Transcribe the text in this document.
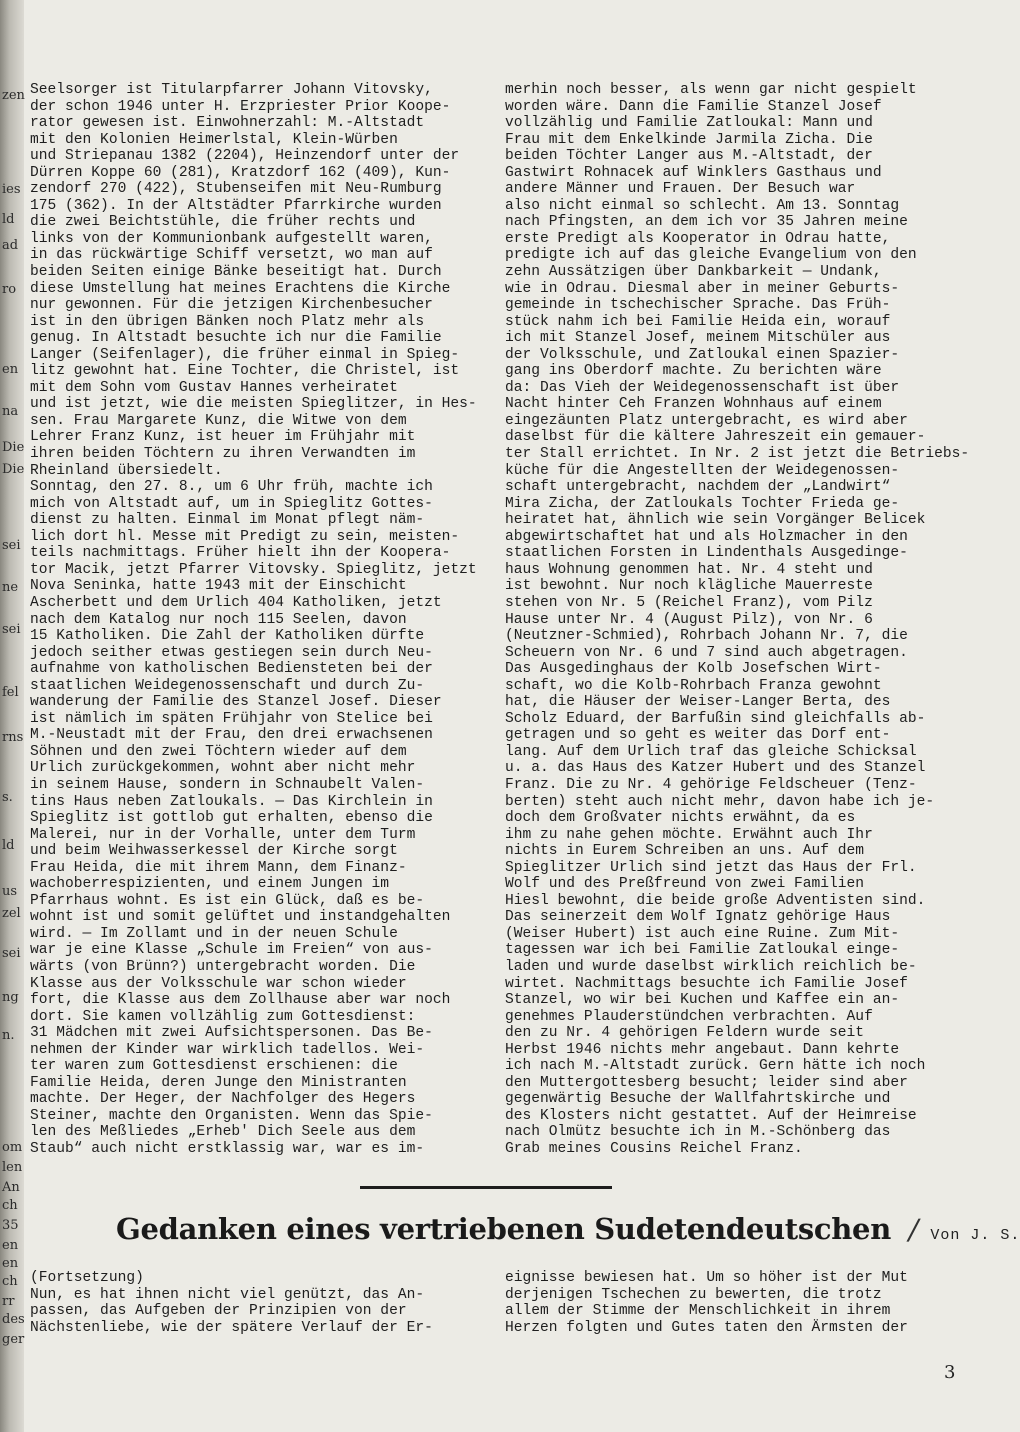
zen
ies
ld
ad
ro
en
na
Die
Die
sei
ne
sei
fel
rns
s.
ld
us
zel
sei
ng
n.
om
len
An
ch
35
en
en
ch
rr
des
ger
Seelsorger ist Titularpfarrer Johann Vitovsky,
der schon 1946 unter H. Erzpriester Prior Koope-
rator gewesen ist. Einwohnerzahl: M.-Altstadt
mit den Kolonien Heimerlstal, Klein-Würben
und Striepanau 1382 (2204), Heinzendorf unter der
Dürren Koppe 60 (281), Kratzdorf 162 (409), Kun-
zendorf 270 (422), Stubenseifen mit Neu-Rumburg
175 (362). In der Altstädter Pfarrkirche wurden
die zwei Beichtstühle, die früher rechts und
links von der Kommunionbank aufgestellt waren,
in das rückwärtige Schiff versetzt, wo man auf
beiden Seiten einige Bänke beseitigt hat. Durch
diese Umstellung hat meines Erachtens die Kirche
nur gewonnen. Für die jetzigen Kirchenbesucher
ist in den übrigen Bänken noch Platz mehr als
genug. In Altstadt besuchte ich nur die Familie
Langer (Seifenlager), die früher einmal in Spieg-
litz gewohnt hat. Eine Tochter, die Christel, ist
mit dem Sohn vom Gustav Hannes verheiratet
und ist jetzt, wie die meisten Spieglitzer, in Hes-
sen. Frau Margarete Kunz, die Witwe von dem
Lehrer Franz Kunz, ist heuer im Frühjahr mit
ihren beiden Töchtern zu ihren Verwandten im
Rheinland übersiedelt.
Sonntag, den 27. 8., um 6 Uhr früh, machte ich
mich von Altstadt auf, um in Spieglitz Gottes-
dienst zu halten. Einmal im Monat pflegt näm-
lich dort hl. Messe mit Predigt zu sein, meisten-
teils nachmittags. Früher hielt ihn der Koopera-
tor Macik, jetzt Pfarrer Vitovsky. Spieglitz, jetzt
Nova Seninka, hatte 1943 mit der Einschicht
Ascherbett und dem Urlich 404 Katholiken, jetzt
nach dem Katalog nur noch 115 Seelen, davon
15 Katholiken. Die Zahl der Katholiken dürfte
jedoch seither etwas gestiegen sein durch Neu-
aufnahme von katholischen Bediensteten bei der
staatlichen Weidegenossenschaft und durch Zu-
wanderung der Familie des Stanzel Josef. Dieser
ist nämlich im späten Frühjahr von Stelice bei
M.-Neustadt mit der Frau, den drei erwachsenen
Söhnen und den zwei Töchtern wieder auf dem
Urlich zurückgekommen, wohnt aber nicht mehr
in seinem Hause, sondern in Schnaubelt Valen-
tins Haus neben Zatloukals. — Das Kirchlein in
Spieglitz ist gottlob gut erhalten, ebenso die
Malerei, nur in der Vorhalle, unter dem Turm
und beim Weihwasserkessel der Kirche sorgt
Frau Heida, die mit ihrem Mann, dem Finanz-
wachoberrespizienten, und einem Jungen im
Pfarrhaus wohnt. Es ist ein Glück, daß es be-
wohnt ist und somit gelüftet und instandgehalten
wird. — Im Zollamt und in der neuen Schule
war je eine Klasse „Schule im Freien“ von aus-
wärts (von Brünn?) untergebracht worden. Die
Klasse aus der Volksschule war schon wieder
fort, die Klasse aus dem Zollhause aber war noch
dort. Sie kamen vollzählig zum Gottesdienst:
31 Mädchen mit zwei Aufsichtspersonen. Das Be-
nehmen der Kinder war wirklich tadellos. Wei-
ter waren zum Gottesdienst erschienen: die
Familie Heida, deren Junge den Ministranten
machte. Der Heger, der Nachfolger des Hegers
Steiner, machte den Organisten. Wenn das Spie-
len des Meßliedes „Erheb' Dich Seele aus dem
Staub“ auch nicht erstklassig war, war es im-
merhin noch besser, als wenn gar nicht gespielt
worden wäre. Dann die Familie Stanzel Josef
vollzählig und Familie Zatloukal: Mann und
Frau mit dem Enkelkinde Jarmila Zicha. Die
beiden Töchter Langer aus M.-Altstadt, der
Gastwirt Rohnacek auf Winklers Gasthaus und
andere Männer und Frauen. Der Besuch war
also nicht einmal so schlecht. Am 13. Sonntag
nach Pfingsten, an dem ich vor 35 Jahren meine
erste Predigt als Kooperator in Odrau hatte,
predigte ich auf das gleiche Evangelium von den
zehn Aussätzigen über Dankbarkeit — Undank,
wie in Odrau. Diesmal aber in meiner Geburts-
gemeinde in tschechischer Sprache. Das Früh-
stück nahm ich bei Familie Heida ein, worauf
ich mit Stanzel Josef, meinem Mitschüler aus
der Volksschule, und Zatloukal einen Spazier-
gang ins Oberdorf machte. Zu berichten wäre
da: Das Vieh der Weidegenossenschaft ist über
Nacht hinter Ceh Franzen Wohnhaus auf einem
eingezäunten Platz untergebracht, es wird aber
daselbst für die kältere Jahreszeit ein gemauer-
ter Stall errichtet. In Nr. 2 ist jetzt die Betriebs-
küche für die Angestellten der Weidegenossen-
schaft untergebracht, nachdem der „Landwirt“
Mira Zicha, der Zatloukals Tochter Frieda ge-
heiratet hat, ähnlich wie sein Vorgänger Belicek
abgewirtschaftet hat und als Holzmacher in den
staatlichen Forsten in Lindenthals Ausgedinge-
haus Wohnung genommen hat. Nr. 4 steht und
ist bewohnt. Nur noch klägliche Mauerreste
stehen von Nr. 5 (Reichel Franz), vom Pilz
Hause unter Nr. 4 (August Pilz), von Nr. 6
(Neutzner-Schmied), Rohrbach Johann Nr. 7, die
Scheuern von Nr. 6 und 7 sind auch abgetragen.
Das Ausgedinghaus der Kolb Josefschen Wirt-
schaft, wo die Kolb-Rohrbach Franza gewohnt
hat, die Häuser der Weiser-Langer Berta, des
Scholz Eduard, der Barfußin sind gleichfalls ab-
getragen und so geht es weiter das Dorf ent-
lang. Auf dem Urlich traf das gleiche Schicksal
u. a. das Haus des Katzer Hubert und des Stanzel
Franz. Die zu Nr. 4 gehörige Feldscheuer (Tenz-
berten) steht auch nicht mehr, davon habe ich je-
doch dem Großvater nichts erwähnt, da es
ihm zu nahe gehen möchte. Erwähnt auch Ihr
nichts in Eurem Schreiben an uns. Auf dem
Spieglitzer Urlich sind jetzt das Haus der Frl.
Wolf und des Preßfreund von zwei Familien
Hiesl bewohnt, die beide große Adventisten sind.
Das seinerzeit dem Wolf Ignatz gehörige Haus
(Weiser Hubert) ist auch eine Ruine. Zum Mit-
tagessen war ich bei Familie Zatloukal einge-
laden und wurde daselbst wirklich reichlich be-
wirtet. Nachmittags besuchte ich Familie Josef
Stanzel, wo wir bei Kuchen und Kaffee ein an-
genehmes Plauderstündchen verbrachten. Auf
den zu Nr. 4 gehörigen Feldern wurde seit
Herbst 1946 nichts mehr angebaut. Dann kehrte
ich nach M.-Altstadt zurück. Gern hätte ich noch
den Muttergottesberg besucht; leider sind aber
gegenwärtig Besuche der Wallfahrtskirche und
des Klosters nicht gestattet. Auf der Heimreise
nach Olmütz besuchte ich in M.-Schönberg das
Grab meines Cousins Reichel Franz.
Gedanken eines vertriebenen Sudetendeutschen / Von J. S.
(Fortsetzung)
Nun, es hat ihnen nicht viel genützt, das An-
passen, das Aufgeben der Prinzipien von der
Nächstenliebe, wie der spätere Verlauf der Er-
eignisse bewiesen hat. Um so höher ist der Mut
derjenigen Tschechen zu bewerten, die trotz
allem der Stimme der Menschlichkeit in ihrem
Herzen folgten und Gutes taten den Ärmsten der
3
